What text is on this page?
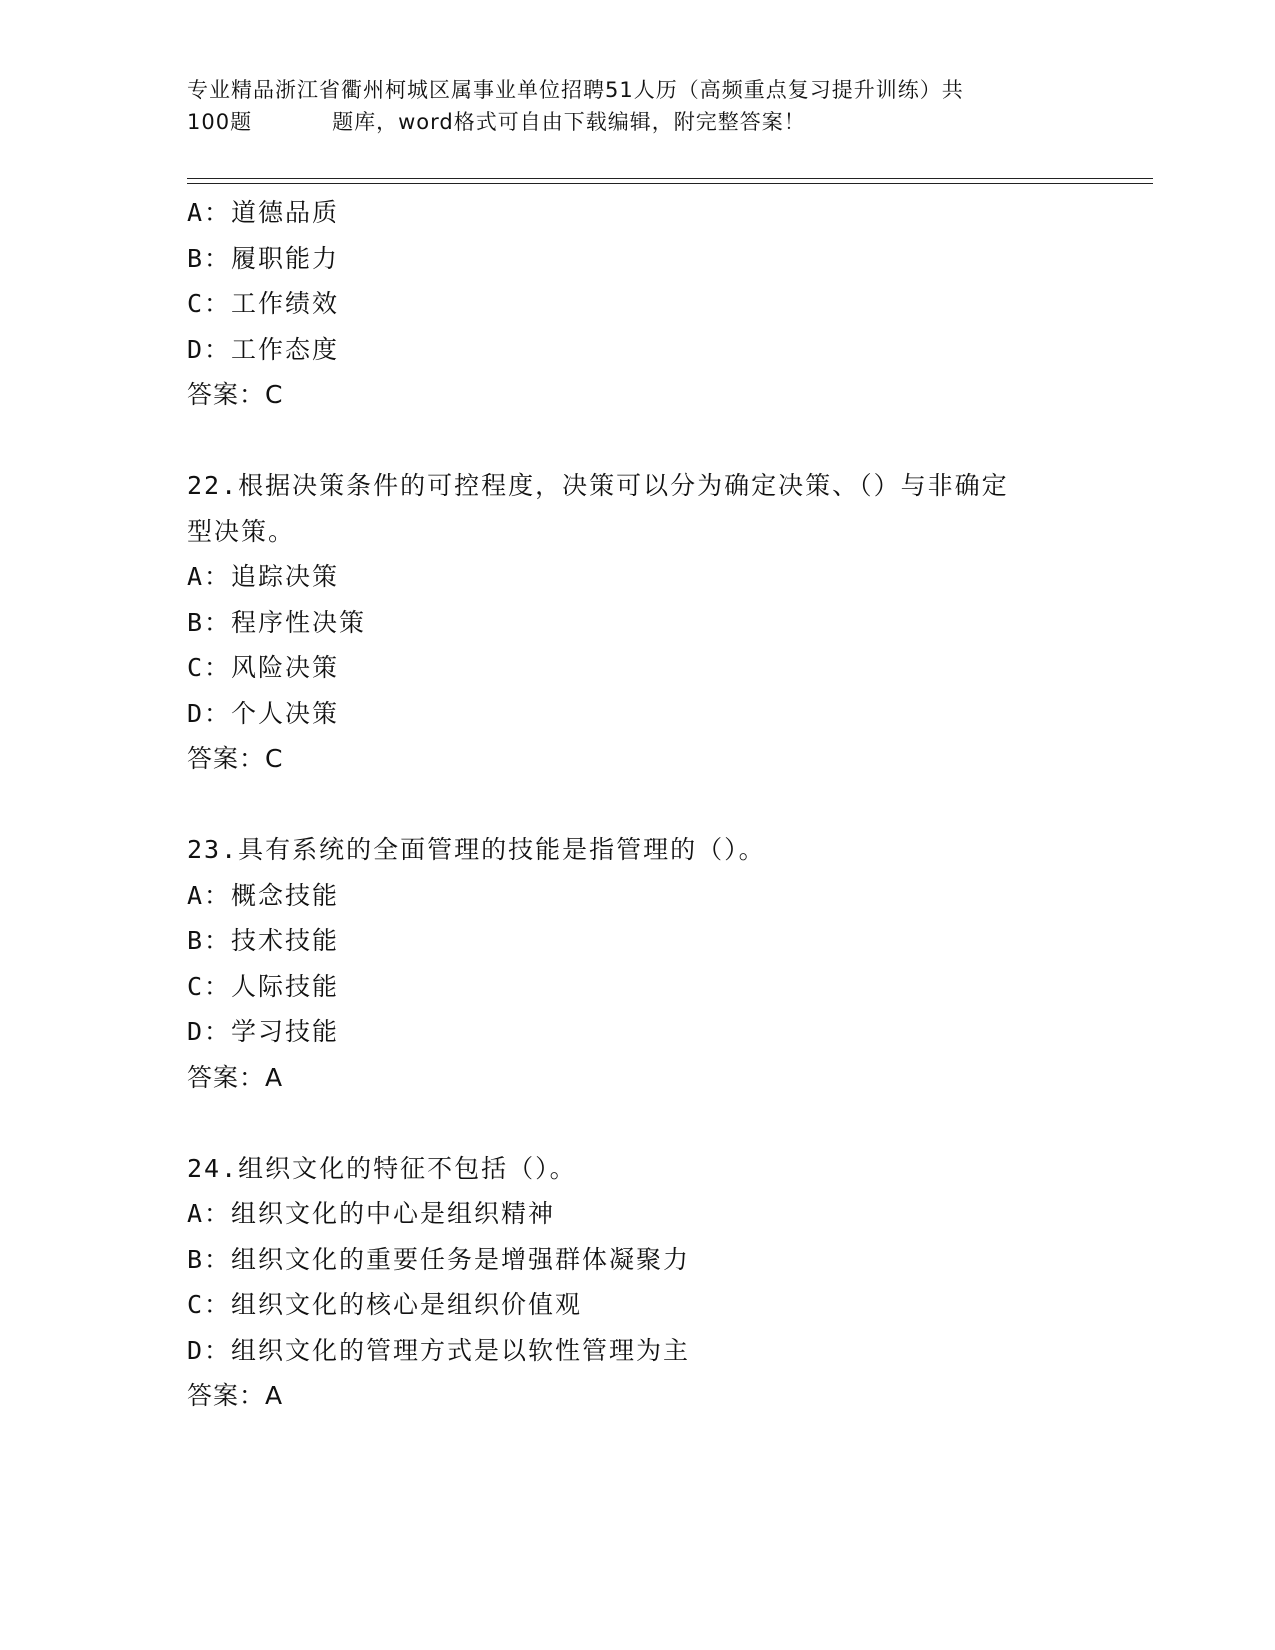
专业精品浙江省衢州柯城区属事业单位招聘51人历（高频重点复习提升训练）共
100题	题库，word格式可自由下载编辑，附完整答案！
A：道德品质
B：履职能力
C：工作绩效
D：工作态度
答案：C
22.根据决策条件的可控程度，决策可以分为确定决策、（）与非确定
型决策。
A：追踪决策
B：程序性决策
C：风险决策
D：个人决策
答案：C
23.具有系统的全面管理的技能是指管理的（）。
A：概念技能
B：技术技能
C：人际技能
D：学习技能
答案：A
24.组织文化的特征不包括（）。
A：组织文化的中心是组织精神
B：组织文化的重要任务是增强群体凝聚力
C：组织文化的核心是组织价值观
D：组织文化的管理方式是以软性管理为主
答案：A
